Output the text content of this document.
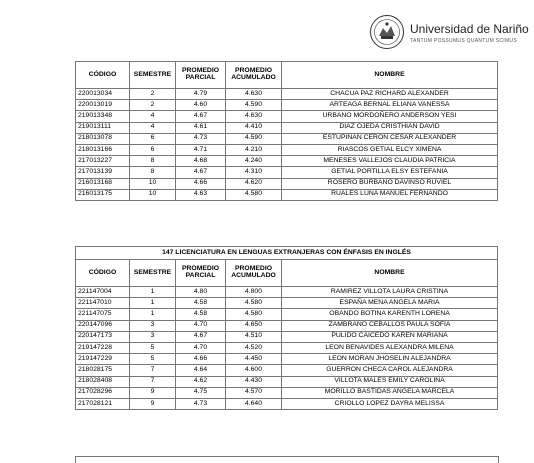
Universidad de Nariño
TANTUM POSSUMUS QUANTUM SCIMUS
CÓDIGO	SEMESTRE	PROMEDIO PARCIAL	PROMEDIO ACUMULADO	NOMBRE
220013034	2	4.79	4.630	CHACUA PAZ RICHARD ALEXANDER
220013019	2	4.60	4.590	ARTEAGA BERNAL ELIANA VANESSA
219013348	4	4.67	4.630	URBANO MORDOÑERO ANDERSON YESI
219013111	4	4.61	4.410	DIAZ OJEDA CRISTHIAN DAVID
218013078	6	4.73	4.590	ESTUPIÑAN CERON CESAR ALEXANDER
218013166	6	4.71	4.210	RIASCOS GETIAL ELCY XIMENA
217013227	8	4.68	4.240	MENESES VALLEJOS CLAUDIA PATRICIA
217013139	8	4.67	4.310	GETIAL PORTILLA ELSY ESTEFANIA
216013168	10	4.66	4.620	ROSERO BURBANO DAVINSO RUVIEL
216013175	10	4.63	4.580	RUALES LUNA MANUEL FERNANDO
147 LICENCIATURA EN LENGUAS EXTRANJERAS CON ÉNFASIS EN INGLÉS				
CÓDIGO	SEMESTRE	PROMEDIO PARCIAL	PROMEDIO ACUMULADO	NOMBRE
221147004	1	4.80	4.800	RAMIREZ VILLOTA LAURA CRISTINA
221147010	1	4.58	4.580	ESPAÑA MENA ANGELA MARIA
221147075	1	4.58	4.580	OBANDO BOTINA KARENTH LORENA
220147096	3	4.70	4.650	ZAMBRANO CEBALLOS PAULA SOFIA
220147173	3	4.67	4.510	PULIDO CAICEDO KAREN MARIANA
219147228	5	4.70	4.520	LEON BENAVIDES ALEXANDRA MILENA
219147229	5	4.66	4.450	LEON MORAN JHOSELIN ALEJANDRA
218028175	7	4.64	4.600	GUERRON CHECA CAROL ALEJANDRA
218028408	7	4.62	4.430	VILLOTA MALES EMILY CAROLINA
217028296	9	4.75	4.570	MORILLO BASTIDAS ANGELA MARCELA
217028121	9	4.73	4.640	CRIOLLO LOPEZ DAYRA MELISSA
